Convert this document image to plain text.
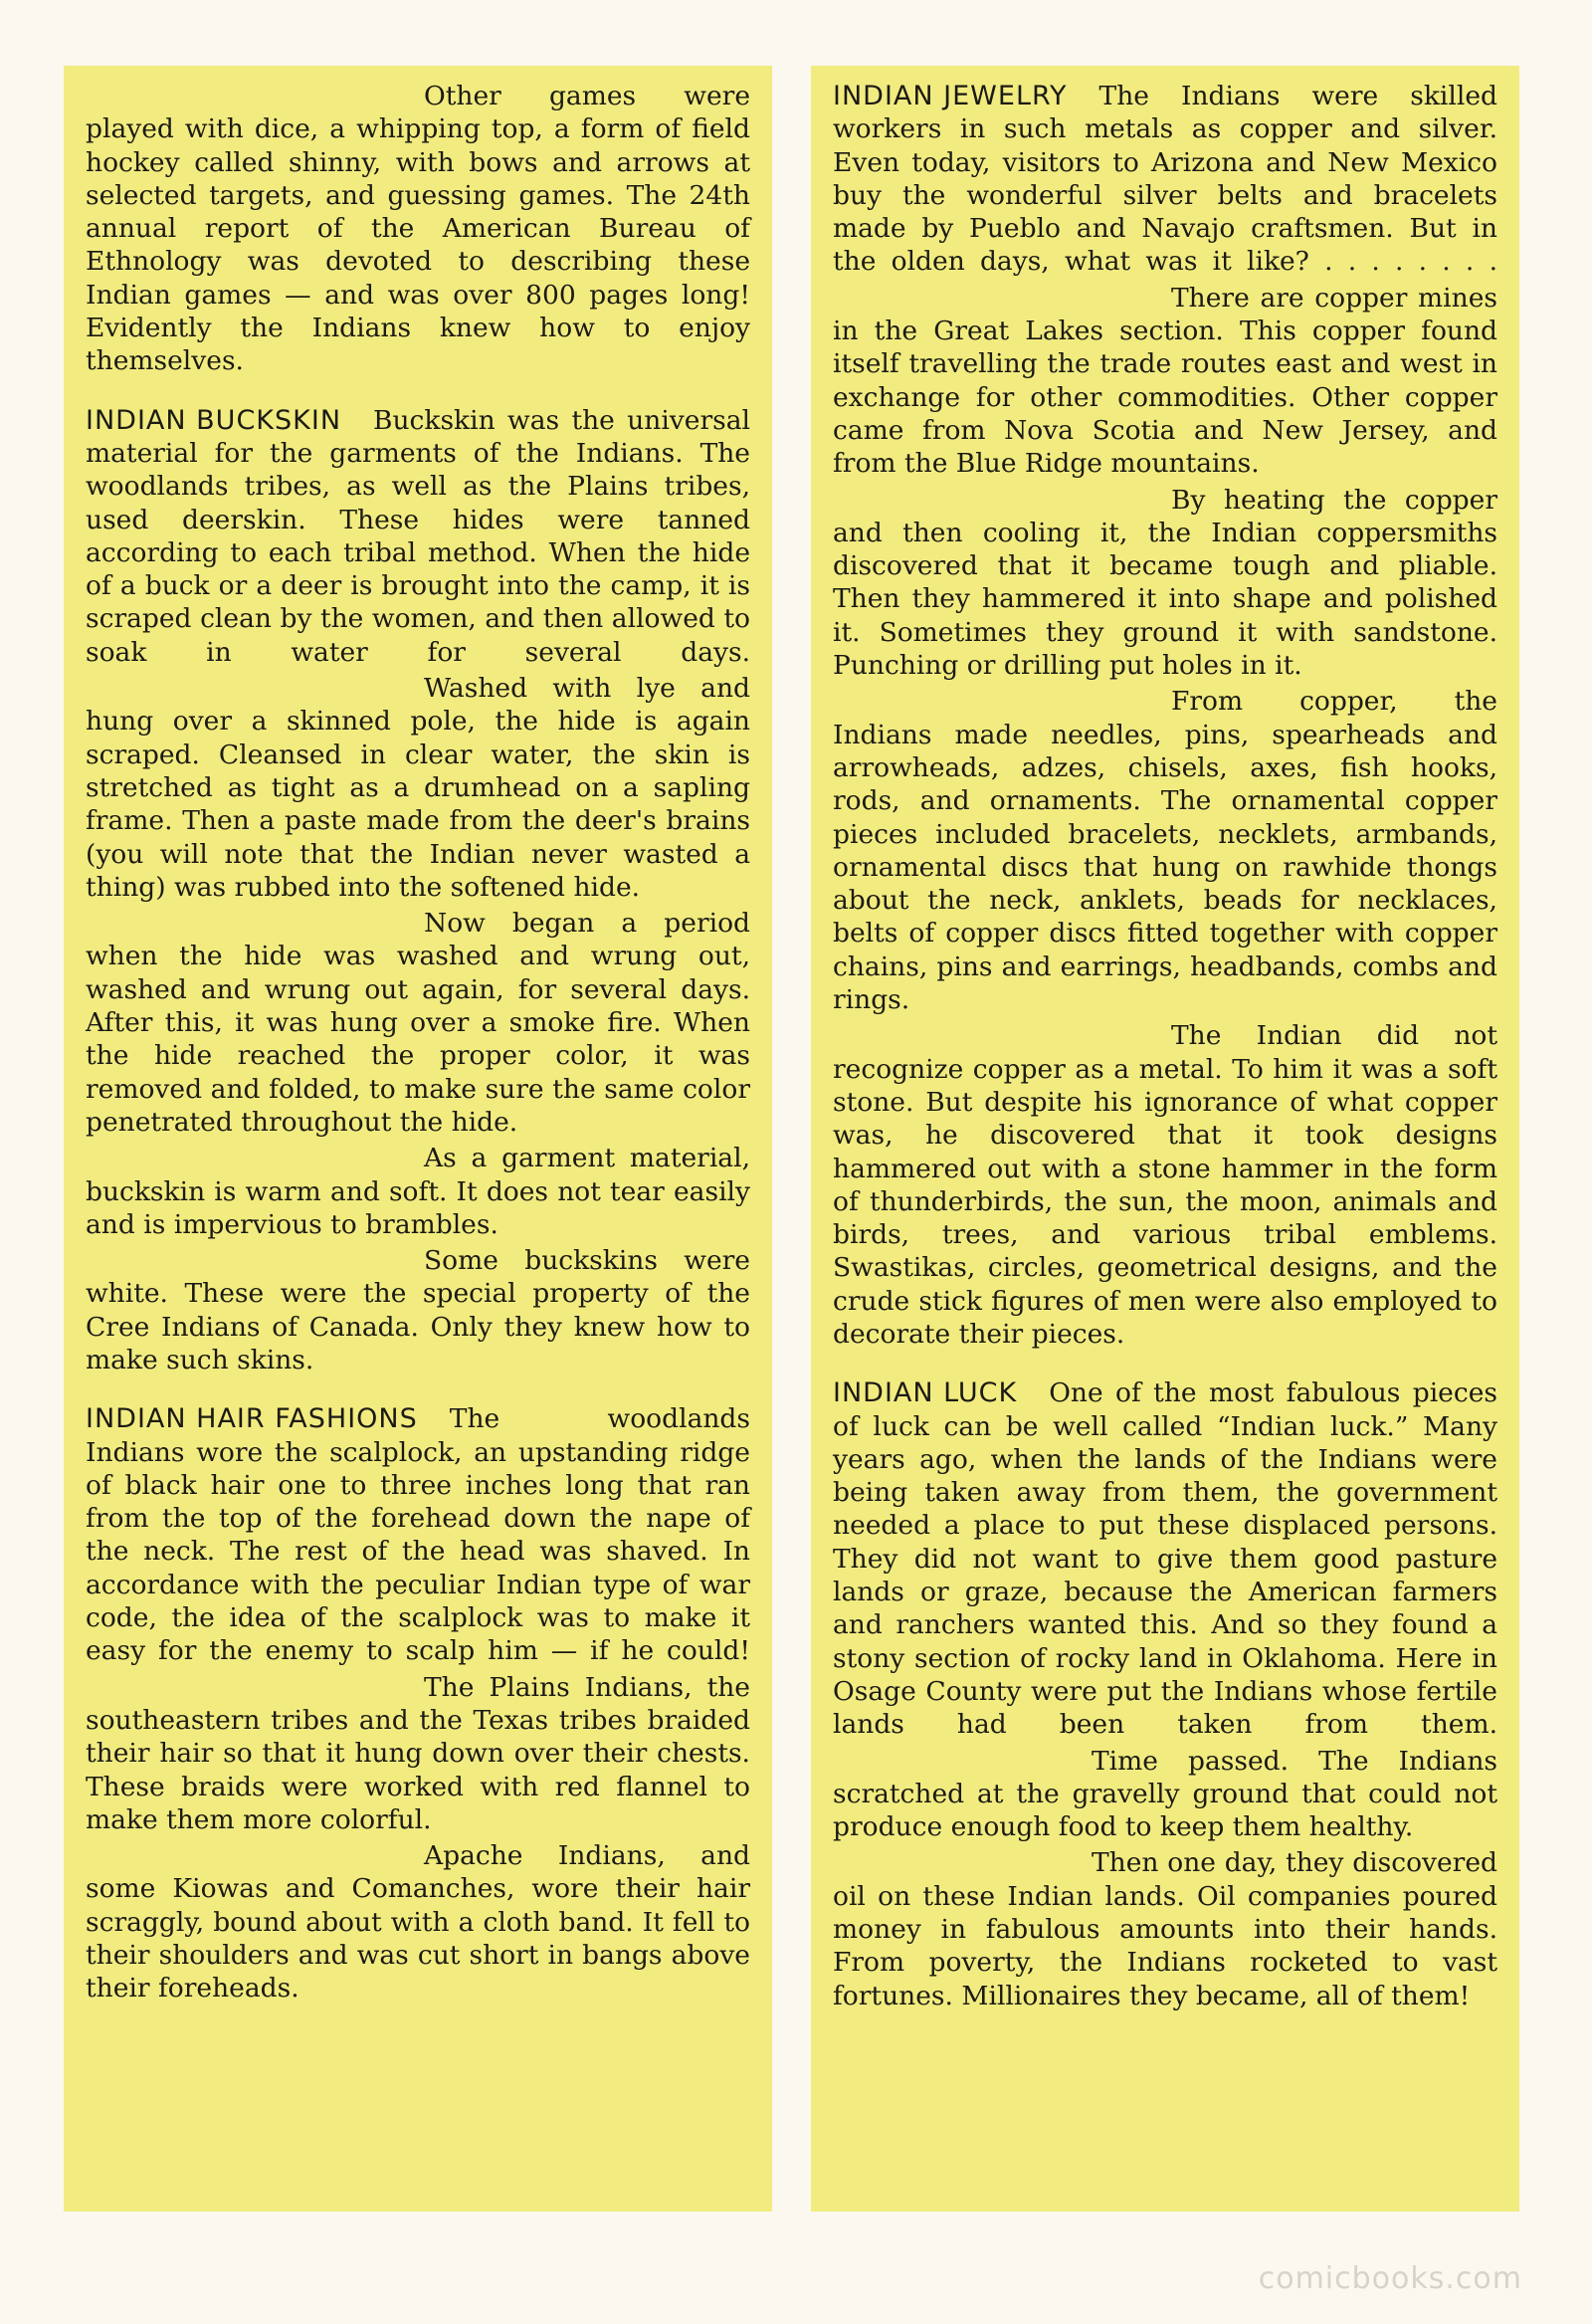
Other games were played with dice, a whipping top, a form of field hockey called shinny, with bows and arrows at selected targets, and guessing games. The 24th annual report of the American Bureau of Ethnology was devoted to describing these Indian games — and was over 800 pages long! Evidently the Indians knew how to enjoy themselves.

INDIAN BUCKSKIN	Buckskin was the universal material for the garments of the Indians. The woodlands tribes, as well as the Plains tribes, used deerskin. These hides were tanned according to each tribal method. When the hide of a buck or a deer is brought into the camp, it is scraped clean by the women, and then allowed to soak in water for several days.

Washed with lye and hung over a skinned pole, the hide is again scraped. Cleansed in clear water, the skin is stretched as tight as a drumhead on a sapling frame. Then a paste made from the deer's brains (you will note that the Indian never wasted a thing) was rubbed into the softened hide.

Now began a period when the hide was washed and wrung out, washed and wrung out again, for several days. After this, it was hung over a smoke fire. When the hide reached the proper color, it was removed and folded, to make sure the same color penetrated throughout the hide.

As a garment material, buckskin is warm and soft. It does not tear easily and is impervious to brambles.

Some buckskins were white. These were the special property of the Cree Indians of Canada. Only they knew how to make such skins.

INDIAN HAIR FASHIONS	The woodlands Indians wore the scalplock, an upstanding ridge of black hair one to three inches long that ran from the top of the forehead down the nape of the neck. The rest of the head was shaved. In accordance with the peculiar Indian type of war code, the idea of the scalplock was to make it easy for the enemy to scalp him — if he could!

The Plains Indians, the southeastern tribes and the Texas tribes braided their hair so that it hung down over their chests. These braids were worked with red flannel to make them more colorful.

Apache Indians, and some Kiowas and Comanches, wore their hair scraggly, bound about with a cloth band. It fell to their shoulders and was cut short in bangs above their foreheads.

INDIAN JEWELRY	The Indians were skilled workers in such metals as copper and silver. Even today, visitors to Arizona and New Mexico buy the wonderful silver belts and bracelets made by Pueblo and Navajo craftsmen. But in the olden days, what was it like? . . . . . . . .

There are copper mines in the Great Lakes section. This copper found itself travelling the trade routes east and west in exchange for other commodities. Other copper came from Nova Scotia and New Jersey, and from the Blue Ridge mountains.

By heating the copper and then cooling it, the Indian coppersmiths discovered that it became tough and pliable. Then they hammered it into shape and polished it. Sometimes they ground it with sandstone. Punching or drilling put holes in it.

From copper, the Indians made needles, pins, spearheads and arrowheads, adzes, chisels, axes, fish hooks, rods, and ornaments. The ornamental copper pieces included bracelets, necklets, armbands, ornamental discs that hung on rawhide thongs about the neck, anklets, beads for necklaces, belts of copper discs fitted together with copper chains, pins and earrings, headbands, combs and rings.

The Indian did not recognize copper as a metal. To him it was a soft stone. But despite his ignorance of what copper was, he discovered that it took designs hammered out with a stone hammer in the form of thunderbirds, the sun, the moon, animals and birds, trees, and various tribal emblems. Swastikas, circles, geometrical designs, and the crude stick figures of men were also employed to decorate their pieces.

INDIAN LUCK	One of the most fabulous pieces of luck can be well called “Indian luck.” Many years ago, when the lands of the Indians were being taken away from them, the government needed a place to put these displaced persons. They did not want to give them good pasture lands or graze, because the American farmers and ranchers wanted this. And so they found a stony section of rocky land in Oklahoma. Here in Osage County were put the Indians whose fertile lands had been taken from them.

Time passed. The Indians scratched at the gravelly ground that could not produce enough food to keep them healthy.

Then one day, they discovered oil on these Indian lands. Oil companies poured money in fabulous amounts into their hands. From poverty, the Indians rocketed to vast fortunes. Millionaires they became, all of them!

comicbooks.com
